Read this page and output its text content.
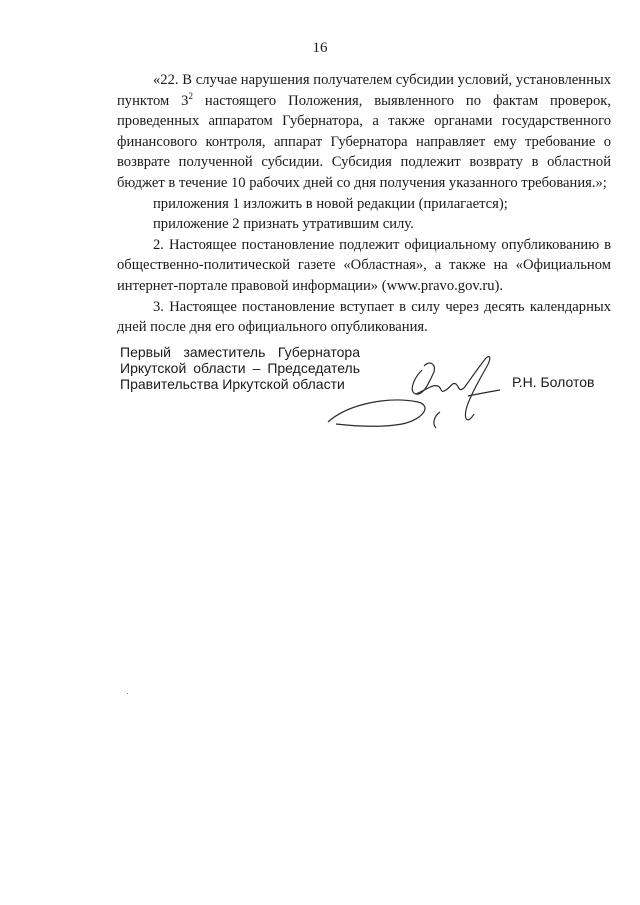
16

«22. В случае нарушения получателем субсидии условий, установленных пунктом $3^2$ настоящего Положения, выявленного по фактам проверок, проведенных аппаратом Губернатора, а также органами государственного финансового контроля, аппарат Губернатора направляет ему требование о возврате полученной субсидии. Субсидия подлежит возврату в областной бюджет в течение 10 рабочих дней со дня получения указанного требования.»;

приложения 1 изложить в новой редакции (прилагается);

приложение 2 признать утратившим силу.

2. Настоящее постановление подлежит официальному опубликованию в общественно-политической газете «Областная», а также на «Официальном интернет-портале правовой информации» (www.pravo.gov.ru).

3. Настоящее постановление вступает в силу через десять календарных дней после дня его официального опубликования.

Первый заместитель Губернатора
Иркутской области – Председатель
Правительства Иркутской области	Р.Н. Болотов
